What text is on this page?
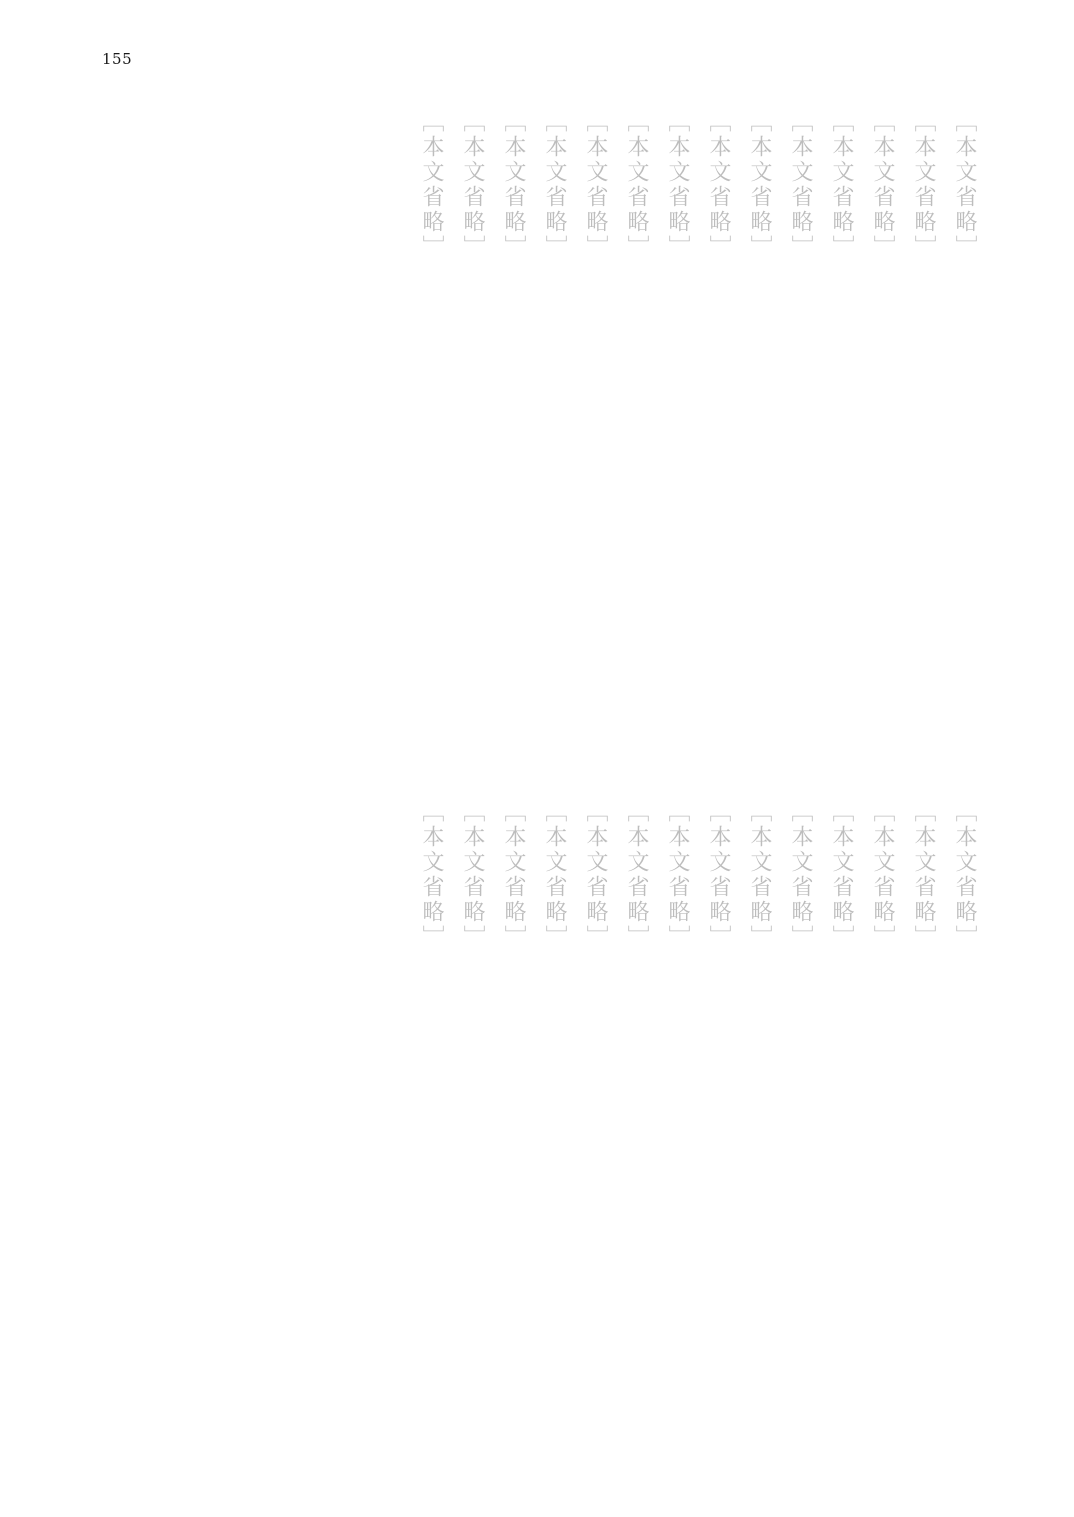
155
［本文省略］
［本文省略］
［本文省略］
［本文省略］
［本文省略］
［本文省略］
［本文省略］
［本文省略］
［本文省略］
［本文省略］
［本文省略］
［本文省略］
［本文省略］
［本文省略］
［本文省略］
［本文省略］
［本文省略］
［本文省略］
［本文省略］
［本文省略］
［本文省略］
［本文省略］
［本文省略］
［本文省略］
［本文省略］
［本文省略］
［本文省略］
［本文省略］
